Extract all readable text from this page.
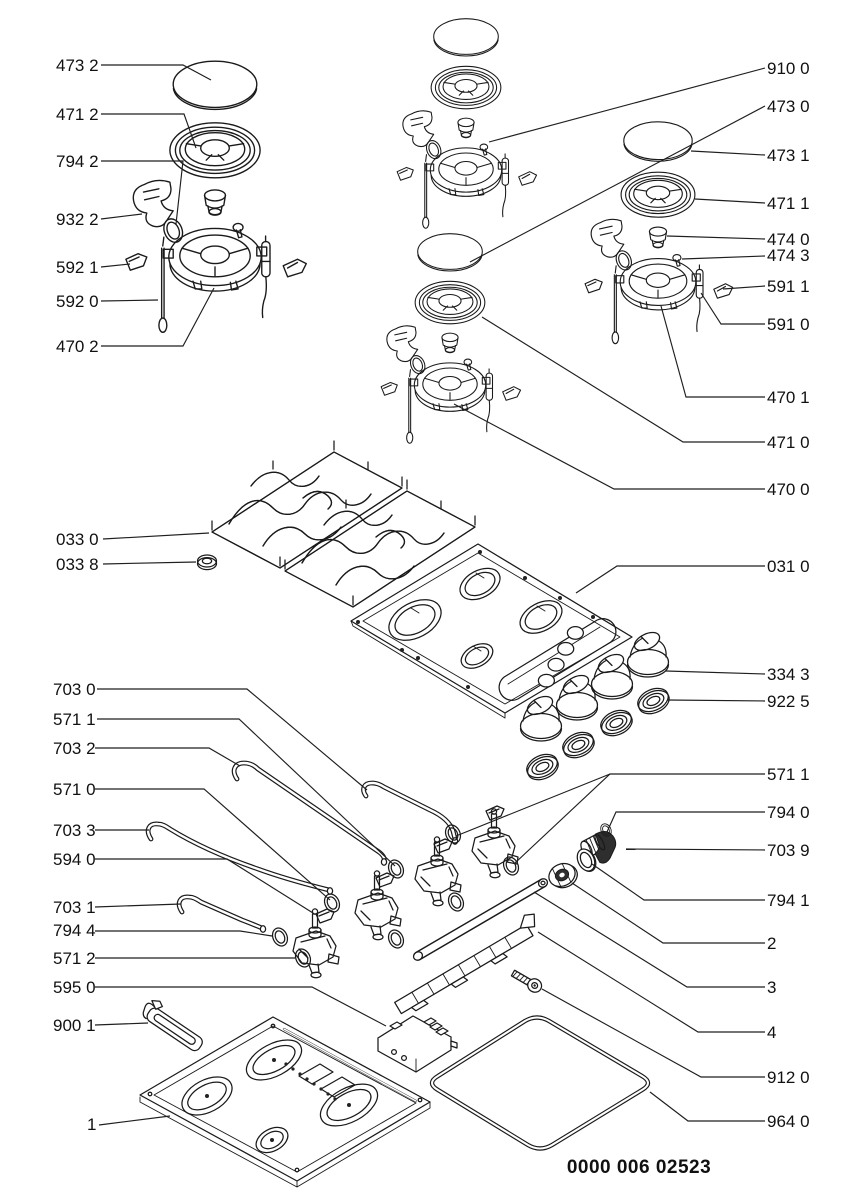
473 2
471 2
794 2
932 2
592 1
592 0
470 2
033 0
033 8
703 0
571 1
703 2
571 0
703 3
594 0
703 1
794 4
571 2
595 0
900 1
1
910 0
473 0
473 1
471 1
474 0
474 3
591 1
591 0
470 1
471 0
470 0
031 0
334 3
922 5
571 1
794 0
703 9
794 1
2
3
4
912 0
964 0
0000 006 02523
